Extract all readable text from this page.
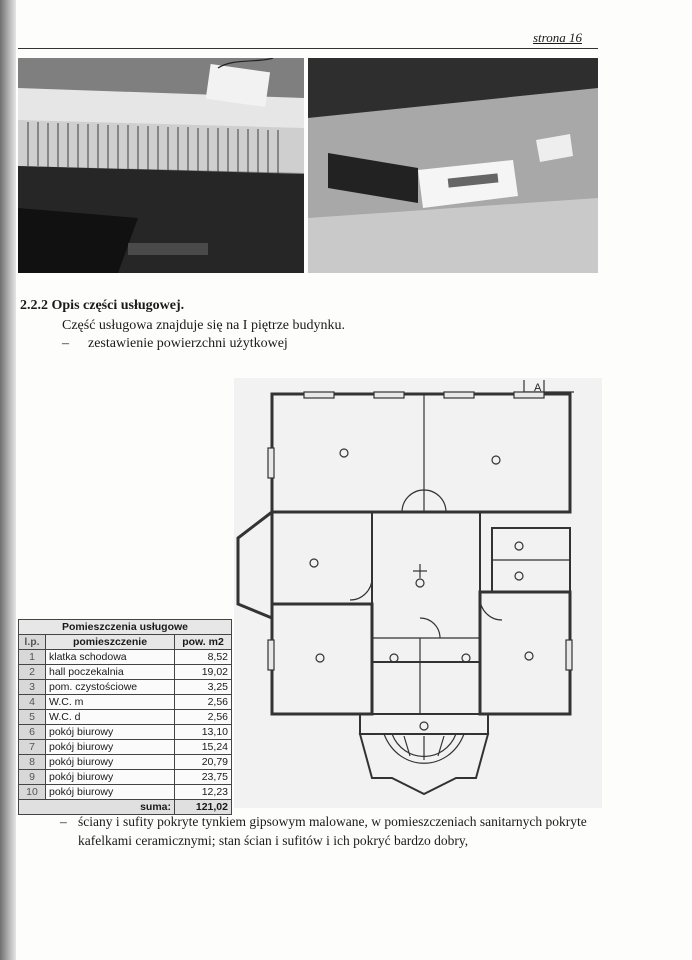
strona 16
2.2.2 Opis części usługowej.
Część usługowa znajduje się na I piętrze budynku.
– zestawienie powierzchni użytkowej
A
Pomieszczenia usługowe		
l.p.	pomieszczenie	pow. m2
1	klatka schodowa	8,52
2	hall poczekalnia	19,02
3	pom. czystościowe	3,25
4	W.C. m	2,56
5	W.C. d	2,56
6	pokój biurowy	13,10
7	pokój biurowy	15,24
8	pokój biurowy	20,79
9	pokój biurowy	23,75
10	pokój biurowy	12,23
suma:		121,02
– ściany i sufity pokryte tynkiem gipsowym malowane, w pomieszczeniach sanitarnych pokryte
kafelkami ceramicznymi; stan ścian i sufitów i ich pokryć bardzo dobry,
